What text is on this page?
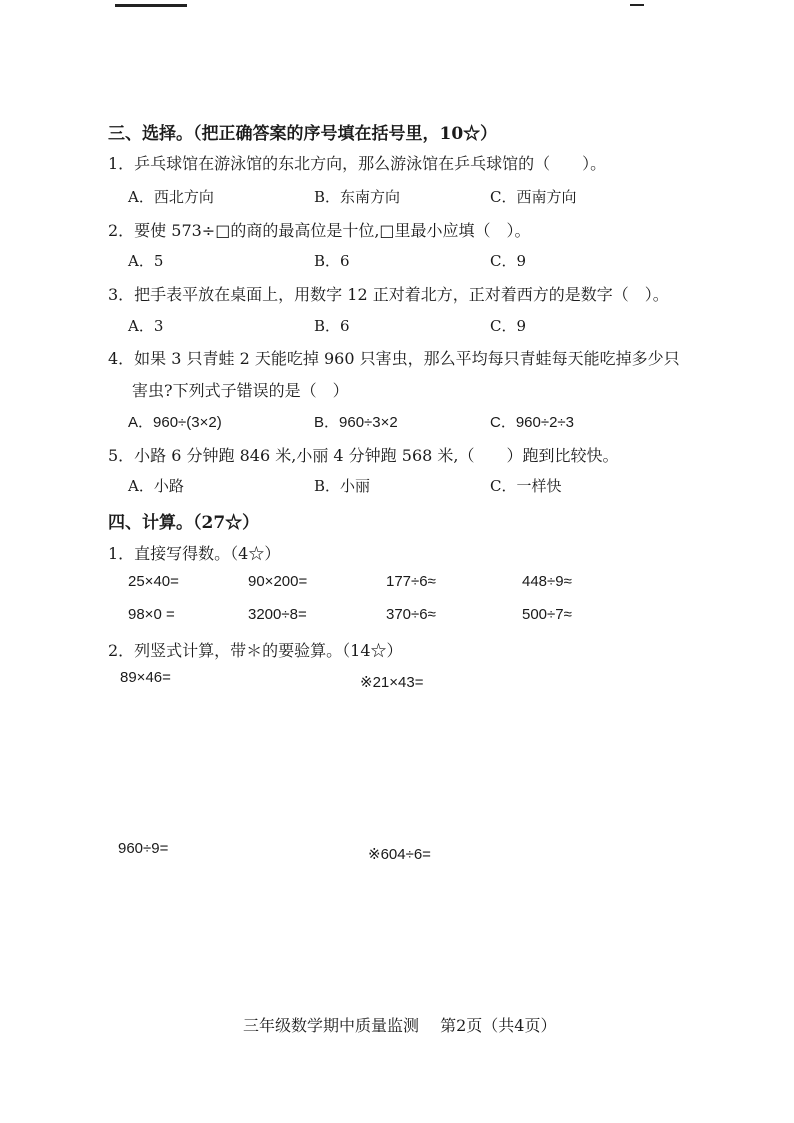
三、选择。（把正确答案的序号填在括号里，10☆）
1．乒乓球馆在游泳馆的东北方向，那么游泳馆在乒乓球馆的（　　）。
A．西北方向	B．东南方向	C．西南方向
2．要使 573÷□的商的最高位是十位,□里最小应填（　）。
A．5	B．6	C．9
3．把手表平放在桌面上，用数字 12 正对着北方，正对着西方的是数字（　）。
A．3	B．6	C．9
4．如果 3 只青蛙 2 天能吃掉 960 只害虫，那么平均每只青蛙每天能吃掉多少只
害虫?下列式子错误的是（　）
A．960÷(3×2)	B．960÷3×2	C．960÷2÷3
5．小路 6 分钟跑 846 米,小丽 4 分钟跑 568 米,（　　）跑到比较快。
A．小路	B．小丽	C．一样快
四、计算。（27☆）
1．直接写得数。（4☆）
25×40=	90×200=	177÷6≈	448÷9≈
98×0 =	3200÷8=	370÷6≈	500÷7≈
2．列竖式计算，带＊的要验算。（14☆）
89×46=	※21×43=
960÷9=	※604÷6=
三年级数学期中质量监测　 第2页（共4页）
